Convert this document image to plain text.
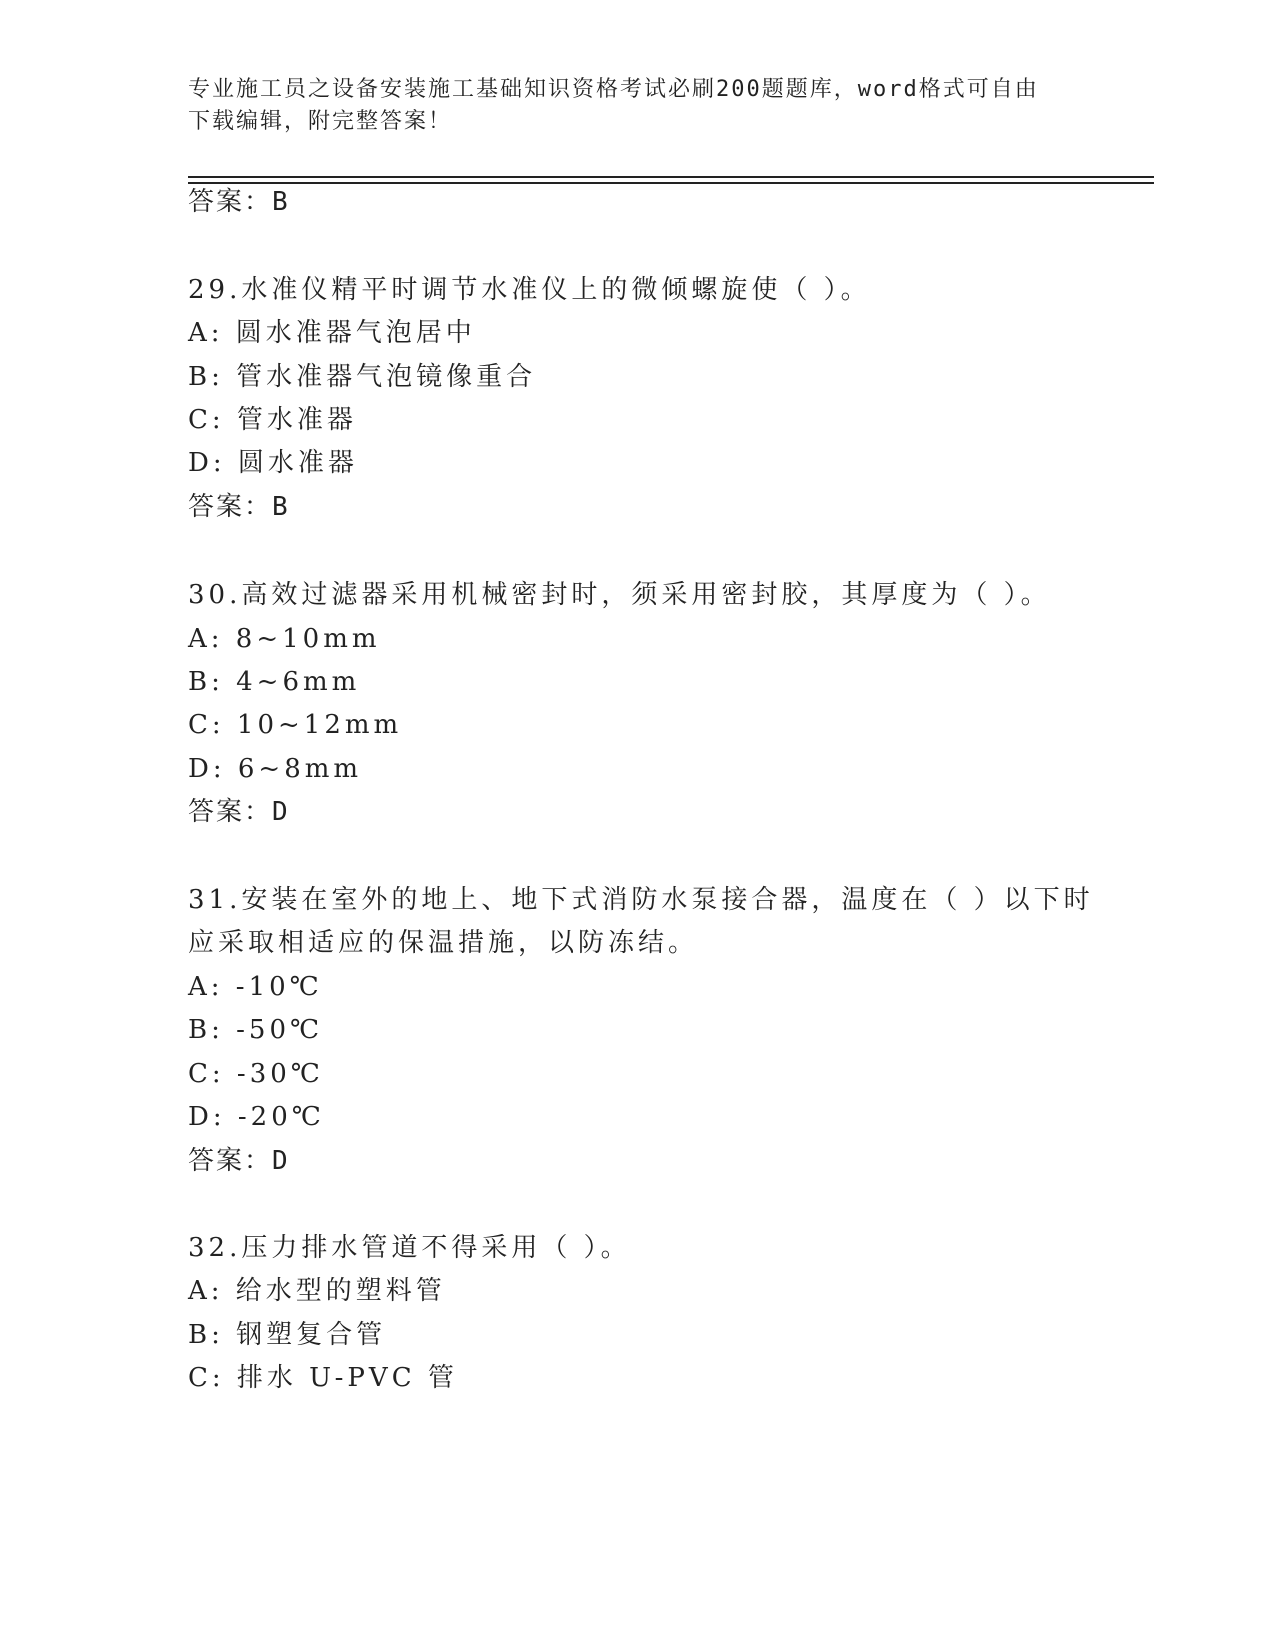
专业施工员之设备安装施工基础知识资格考试必刷200题题库，word格式可自由
下载编辑，附完整答案！
答案：B
29.水准仪精平时调节水准仪上的微倾螺旋使（ ）。
A: 圆水准器气泡居中
B: 管水准器气泡镜像重合
C: 管水准器
D: 圆水准器
答案：B
30.高效过滤器采用机械密封时，须采用密封胶，其厚度为（ ）。
A: 8~10mm
B: 4~6mm
C: 10~12mm
D: 6~8mm
答案：D
31.安装在室外的地上、地下式消防水泵接合器，温度在（ ）以下时
应采取相适应的保温措施，以防冻结。
A: -10℃
B: -50℃
C: -30℃
D: -20℃
答案：D
32.压力排水管道不得采用（ ）。
A: 给水型的塑料管
B: 钢塑复合管
C: 排水 U-PVC 管
